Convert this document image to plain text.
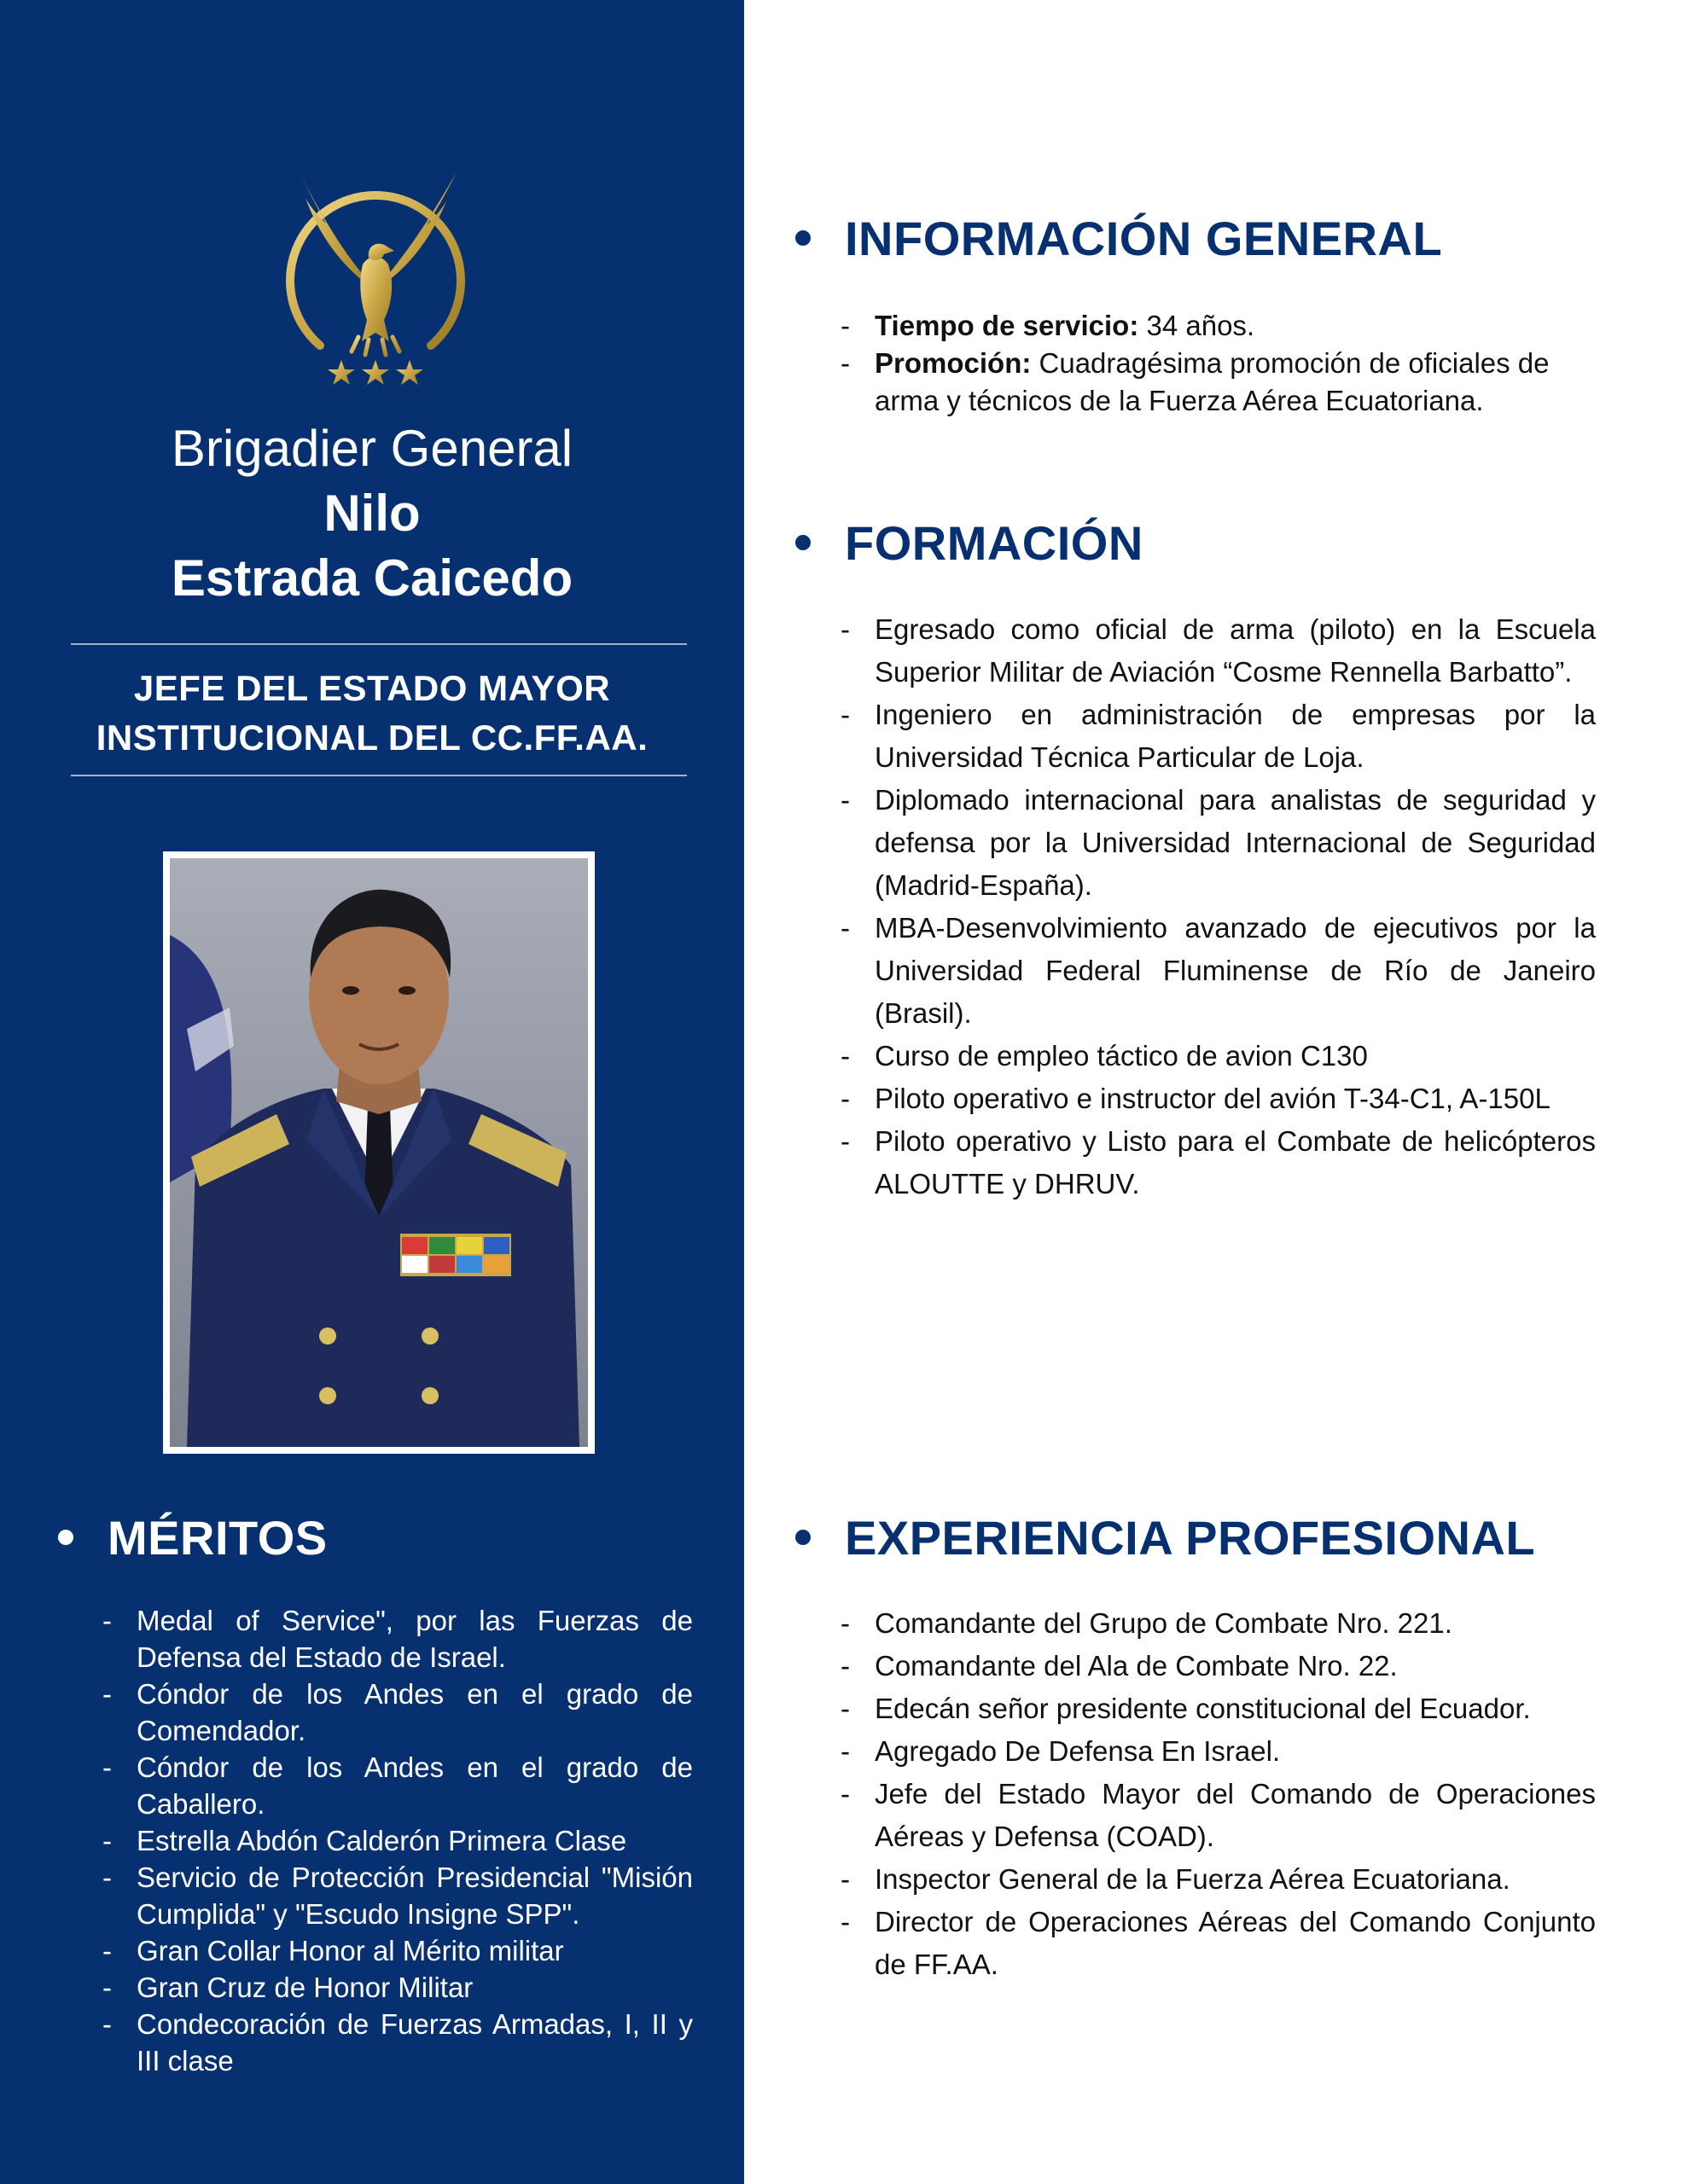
Brigadier General
Nilo
Estrada Caicedo
JEFE DEL ESTADO MAYOR
INSTITUCIONAL DEL CC.FF.AA.
MÉRITOS
- Medal of Service", por las Fuerzas de Defensa del Estado de Israel.
- Cóndor de los Andes en el grado de Comendador.
- Cóndor de los Andes en el grado de Caballero.
- Estrella Abdón Calderón Primera Clase
- Servicio de Protección Presidencial "Misión Cumplida" y "Escudo Insigne SPP".
- Gran Collar Honor al Mérito militar
- Gran Cruz de Honor Militar
- Condecoración de Fuerzas Armadas, I, II y III clase
INFORMACIÓN GENERAL
- Tiempo de servicio: 34 años.
- Promoción: Cuadragésima promoción de oficiales de arma y técnicos de la Fuerza Aérea Ecuatoriana.
FORMACIÓN
- Egresado como oficial de arma (piloto) en la Escuela Superior Militar de Aviación “Cosme Rennella Barbatto”.
- Ingeniero en administración de empresas por la Universidad Técnica Particular de Loja.
- Diplomado internacional para analistas de seguridad y defensa por la Universidad Internacional de Seguridad (Madrid-España).
- MBA-Desenvolvimiento avanzado de ejecutivos por la Universidad Federal Fluminense de Río de Janeiro (Brasil).
- Curso de empleo táctico de avion C130
- Piloto operativo e instructor del avión T-34-C1, A-150L
- Piloto operativo y Listo para el Combate de helicópteros ALOUTTE y DHRUV.
EXPERIENCIA PROFESIONAL
- Comandante del Grupo de Combate Nro. 221.
- Comandante del Ala de Combate Nro. 22.
- Edecán señor presidente constitucional del Ecuador.
- Agregado De Defensa En Israel.
- Jefe del Estado Mayor del Comando de Operaciones Aéreas y Defensa (COAD).
- Inspector General de la Fuerza Aérea Ecuatoriana.
- Director de Operaciones Aéreas del Comando Conjunto de FF.AA.
